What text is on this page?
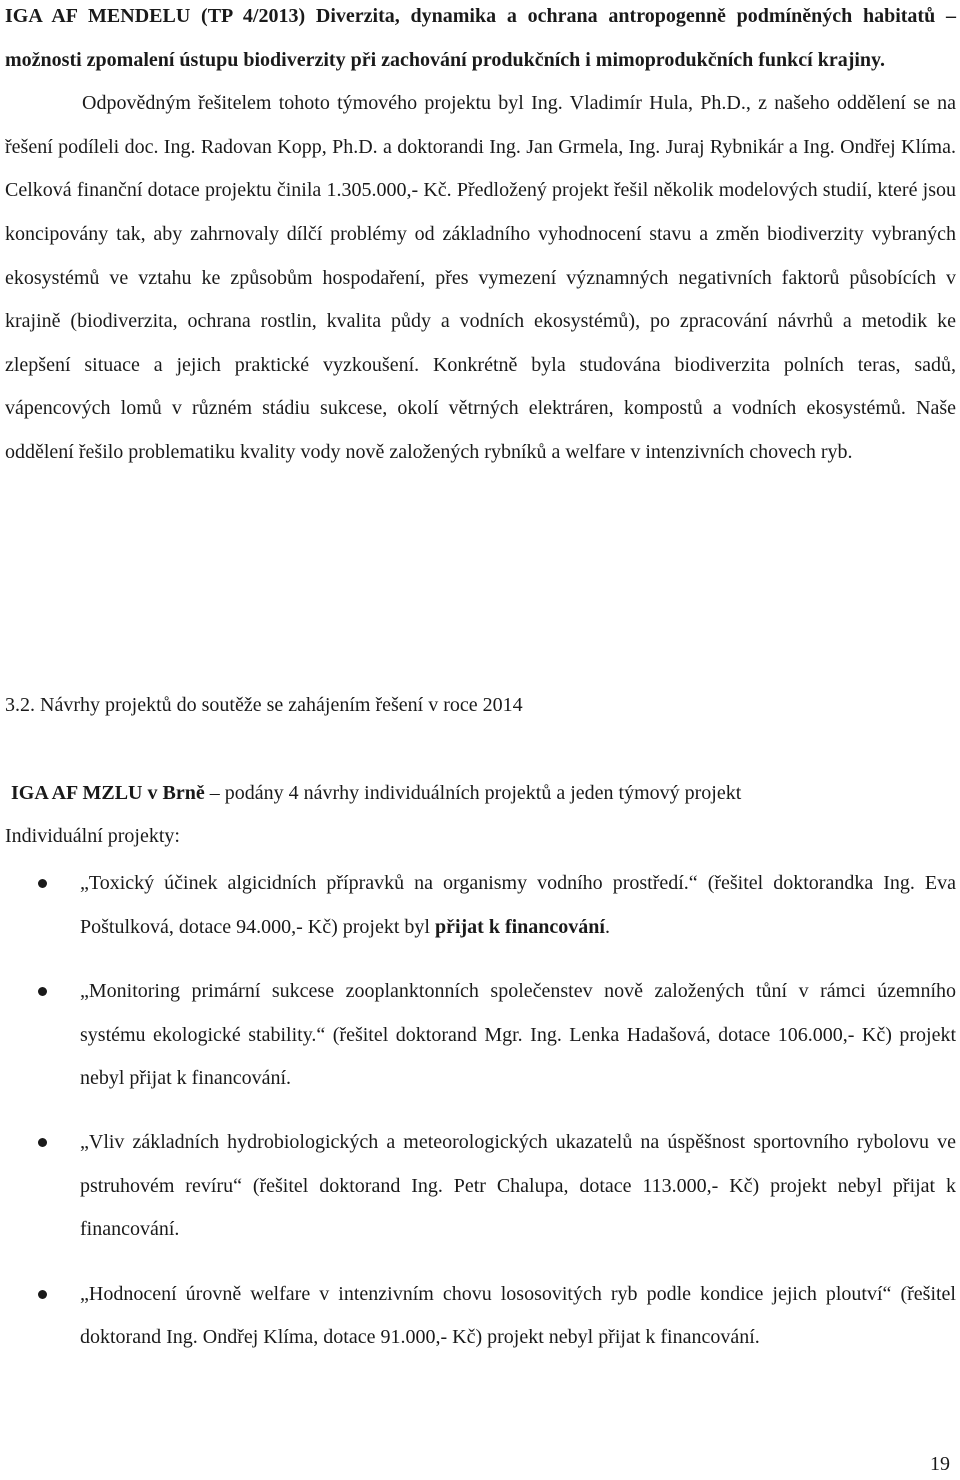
IGA AF MENDELU (TP 4/2013) Diverzita, dynamika a ochrana antropogenně podmíněných habitatů – možnosti zpomalení ústupu biodiverzity při zachování produkčních i mimoprodukčních funkcí krajiny.

Odpovědným řešitelem tohoto týmového projektu byl Ing. Vladimír Hula, Ph.D., z našeho oddělení se na řešení podíleli doc. Ing. Radovan Kopp, Ph.D. a doktorandi Ing. Jan Grmela, Ing. Juraj Rybnikár a Ing. Ondřej Klíma. Celková finanční dotace projektu činila 1.305.000,- Kč. Předložený projekt řešil několik modelových studií, které jsou koncipovány tak, aby zahrnovaly dílčí problémy od základního vyhodnocení stavu a změn biodiverzity vybraných ekosystémů ve vztahu ke způsobům hospodaření, přes vymezení významných negativních faktorů působících v krajině (biodiverzita, ochrana rostlin, kvalita půdy a vodních ekosystémů), po zpracování návrhů a metodik ke zlepšení situace a jejich praktické vyzkoušení. Konkrétně byla studována biodiverzita polních teras, sadů, vápencových lomů v různém stádiu sukcese, okolí větrných elektráren, kompostů a vodních ekosystémů. Naše oddělení řešilo problematiku kvality vody nově založených rybníků a welfare v intenzivních chovech ryb.

3.2. Návrhy projektů do soutěže se zahájením řešení v roce 2014

IGA AF MZLU v Brně – podány 4 návrhy individuálních projektů a jeden týmový projekt

Individuální projekty:

„Toxický účinek algicidních přípravků na organismy vodního prostředí.“ (řešitel doktorandka Ing. Eva Poštulková, dotace 94.000,- Kč) projekt byl přijat k financování.
„Monitoring primární sukcese zooplanktonních společenstev nově založených tůní v rámci územního systému ekologické stability.“ (řešitel doktorand Mgr. Ing. Lenka Hadašová, dotace 106.000,- Kč) projekt nebyl přijat k financování.
„Vliv základních hydrobiologických a meteorologických ukazatelů na úspěšnost sportovního rybolovu ve pstruhovém revíru“ (řešitel doktorand Ing. Petr Chalupa, dotace 113.000,- Kč) projekt nebyl přijat k financování.
„Hodnocení úrovně welfare v intenzivním chovu lososovitých ryb podle kondice jejich ploutví“ (řešitel doktorand Ing. Ondřej Klíma, dotace 91.000,- Kč) projekt nebyl přijat k financování.
19
